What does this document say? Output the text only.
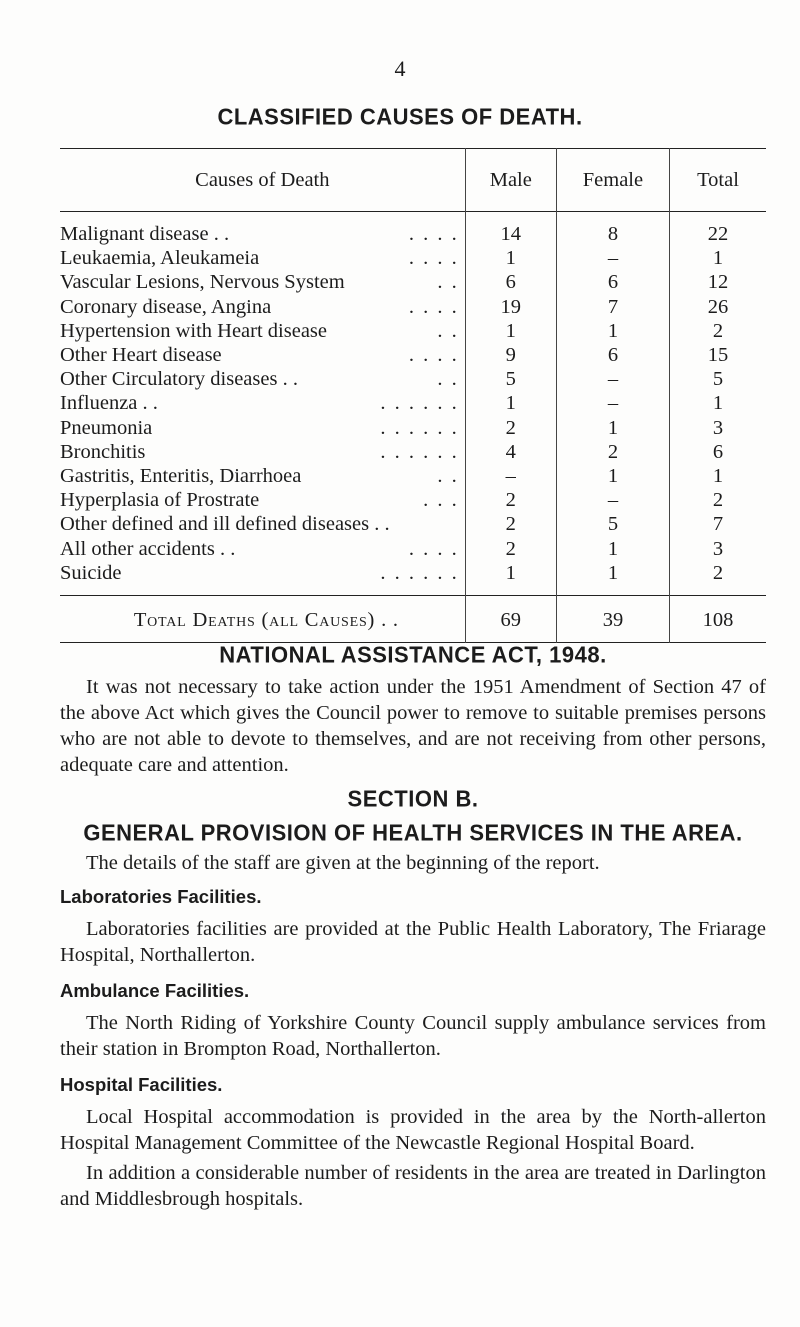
4
CLASSIFIED CAUSES OF DEATH.
Causes of Death	Male	Female	Total
Malignant disease . . . . . .	14	8	22
Leukaemia, Aleukameia . . . .	1	–	1
Vascular Lesions, Nervous System . .	6	6	12
Coronary disease, Angina . . . .	19	7	26
Hypertension with Heart disease . .	1	1	2
Other Heart disease . . . .	9	6	15
Other Circulatory diseases . . . .	5	–	5
Influenza . . . . . . . .	1	–	1
Pneumonia . . . . . .	2	1	3
Bronchitis . . . . . .	4	2	6
Gastritis, Enteritis, Diarrhoea . .	–	1	1
Hyperplasia of Prostrate . . .	2	–	2
Other defined and ill defined diseases . .	2	5	7
All other accidents . . . . . .	2	1	3
Suicide . . . . . .	1	1	2
Total Deaths (all Causes) . .	69	39	108
NATIONAL ASSISTANCE ACT, 1948.

It was not necessary to take action under the 1951 Amendment of Section 47 of the above Act which gives the Council power to remove to suitable premises persons who are not able to devote to themselves, and are not receiving from other persons, adequate care and attention.

SECTION B.
GENERAL PROVISION OF HEALTH SERVICES IN THE AREA.

The details of the staff are given at the beginning of the report.

Laboratories Facilities.

Laboratories facilities are provided at the Public Health Laboratory, The Friarage Hospital, Northallerton.

Ambulance Facilities.

The North Riding of Yorkshire County Council supply ambulance services from their station in Brompton Road, Northallerton.

Hospital Facilities.

Local Hospital accommodation is provided in the area by the North-allerton Hospital Management Committee of the Newcastle Regional Hospital Board.

In addition a considerable number of residents in the area are treated in Darlington and Middlesbrough hospitals.
